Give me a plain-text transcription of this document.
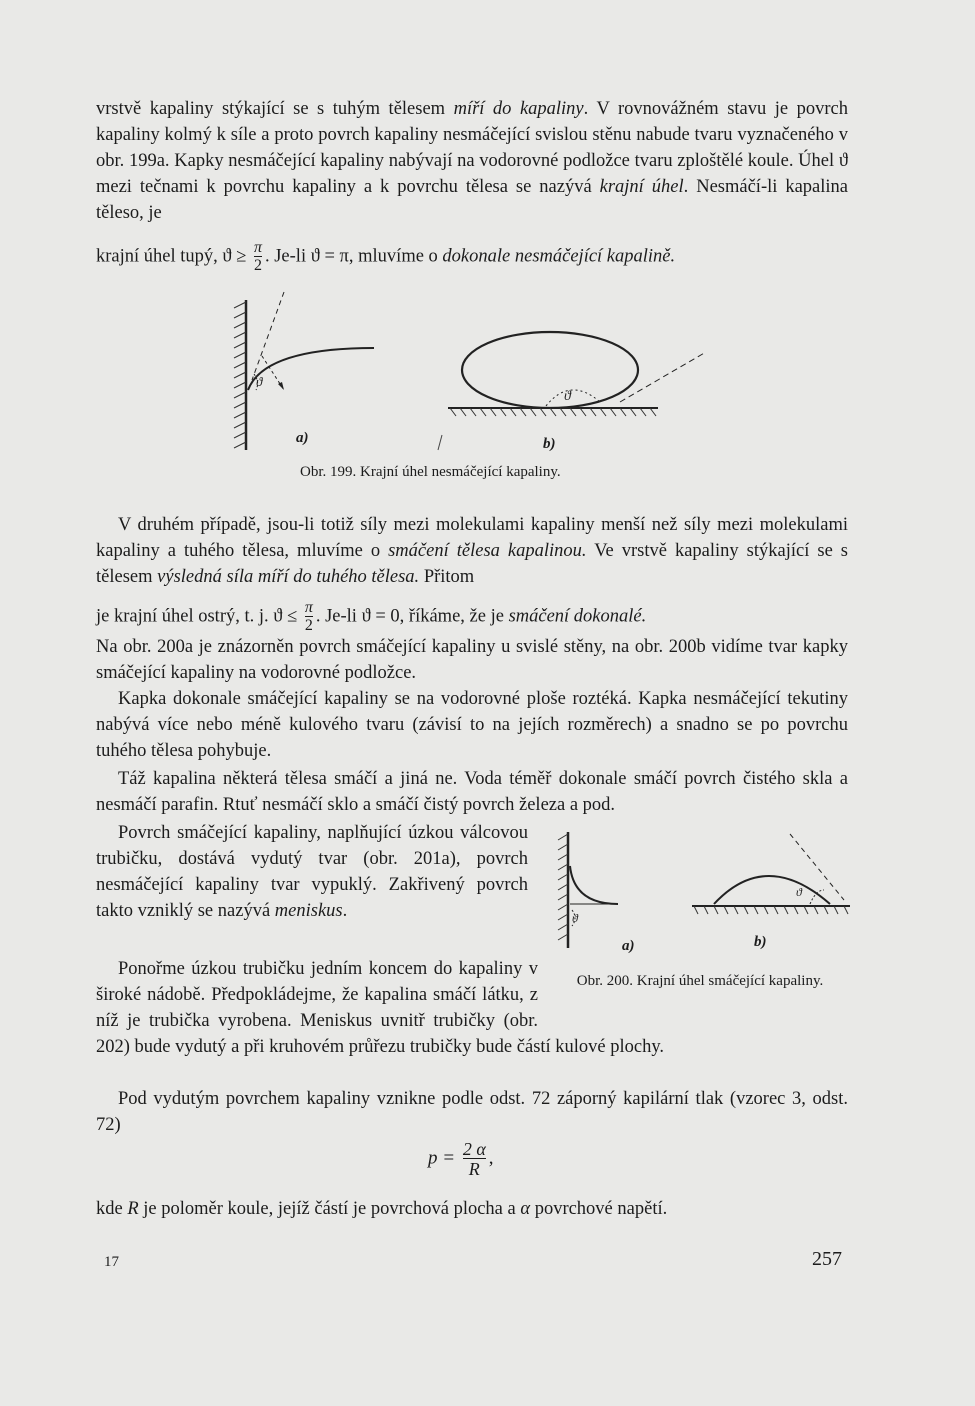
vrstvě kapaliny stýkající se s tuhým tělesem míří do kapaliny. V rovnovážném stavu je povrch kapaliny kolmý k síle a proto povrch kapaliny nesmáčející svislou stěnu nabude tvaru vyznačeného v obr. 199a. Kapky nesmáčející kapaliny nabývají na vodorovné podložce tvaru zploštělé koule. Úhel ϑ mezi tečnami k povrchu kapaliny a k povrchu tělesa se nazývá krajní úhel. Nesmáčí-li kapalina těleso, je
krajní úhel tupý, $ϑ \ge \frac{\pi}{2}$ . Je-li ϑ = π, mluvíme o dokonale nesmáčející kapalině.
ϑ
ϑ
a)	b)
Obr. 199. Krajní úhel nesmáčející kapaliny.
V druhém případě, jsou-li totiž síly mezi molekulami kapaliny menší než síly mezi molekulami kapaliny a tuhého tělesa, mluvíme o smáčení tělesa kapalinou. Ve vrstvě kapaliny stýkající se s tělesem výsledná síla míří do tuhého tělesa. Přitom
je krajní úhel ostrý, t. j. $ϑ \le \frac{\pi}{2}$ . Je-li ϑ = 0, říkáme, že je smáčení dokonalé.
Na obr. 200a je znázorněn povrch smáčející kapaliny u svislé stěny, na obr. 200b vidíme tvar kapky smáčející kapaliny na vodorovné podložce.
Kapka dokonale smáčející kapaliny se na vodorovné ploše roztéká. Kapka nesmáčející tekutiny nabývá více nebo méně kulového tvaru (závisí to na jejích rozměrech) a snadno se po povrchu tuhého tělesa pohybuje.
Táž kapalina některá tělesa smáčí a jiná ne. Voda téměř dokonale smáčí povrch čistého skla a nesmáčí parafin. Rtuť nesmáčí sklo a smáčí čistý povrch železa a pod.
Povrch smáčející kapaliny, naplňující úzkou válcovou trubičku, dostává vydutý tvar (obr. 201a), povrch nesmáčející kapaliny tvar vypuklý. Zakřivený povrch takto vzniklý se nazývá meniskus.
Ponořme úzkou trubičku jedním koncem do kapaliny v široké nádobě. Předpokládejme, že kapalina smáčí látku, z níž je trubička vyrobena. Meniskus uvnitř trubičky (obr. 202) bude vydutý a při kruhovém průřezu trubičky bude částí kulové plochy.
ϑ
ϑ
a)	b)
Obr. 200. Krajní úhel smáčející kapaliny.
Pod vydutým povrchem kapaliny vznikne podle odst. 72 záporný kapilární tlak (vzorec 3, odst. 72)
$p = \frac{2 \alpha}{R}$ ,
kde R je poloměr koule, jejíž částí je povrchová plocha a α povrchové napětí.
17	257
